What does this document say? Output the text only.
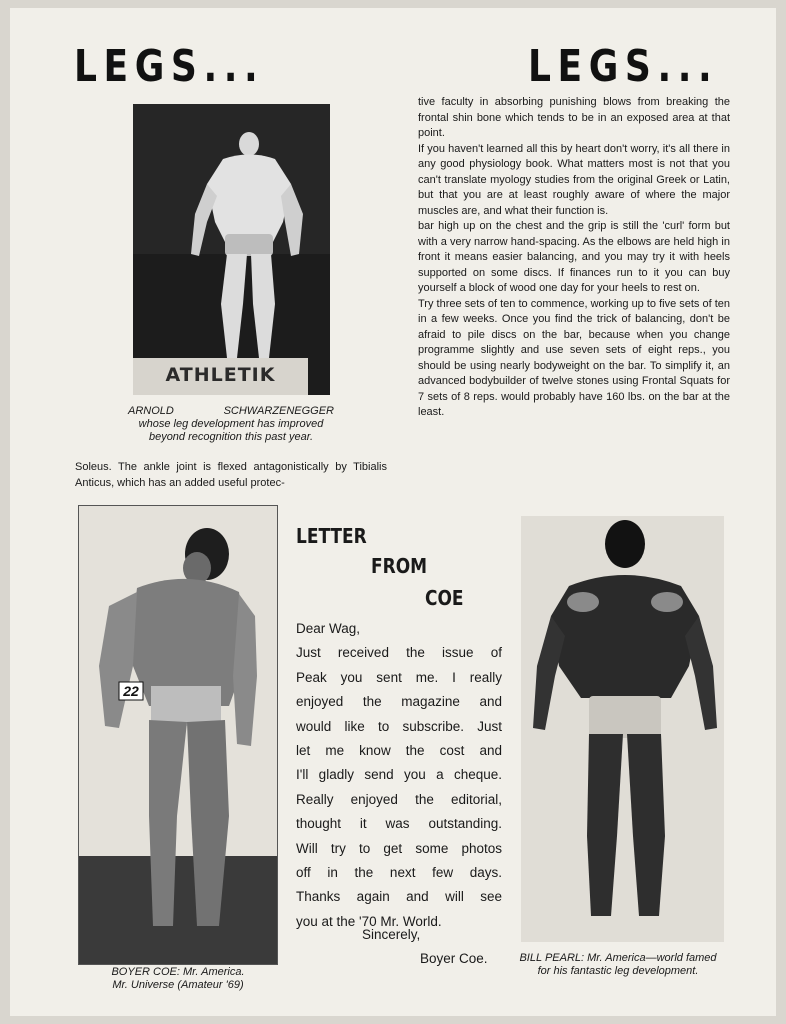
LEGS...	LEGS...
ATHLETIK
ARNOLD	SCHWARZENEGGER
whose leg development has improved beyond recognition this past year.
Soleus. The ankle joint is flexed antagonistically by Tibialis Anticus, which has an added useful protec-

tive faculty in absorbing punishing blows from breaking the frontal shin bone which tends to be in an exposed area at that point.

If you haven't learned all this by heart don't worry, it's all there in any good physiology book. What matters most is not that you can't translate myology studies from the original Greek or Latin, but that you are at least roughly aware of where the major muscles are, and what their function is.

bar high up on the chest and the grip is still the 'curl' form but with a very narrow hand-spacing. As the elbows are held high in front it means easier balancing, and you may try it with heels supported on some discs. If finances run to it you can buy yourself a block of wood one day for your heels to rest on.

Try three sets of ten to commence, working up to five sets of ten in a few weeks. Once you find the trick of balancing, don't be afraid to pile discs on the bar, because when you change programme slightly and use seven sets of eight reps., you should be using nearly bodyweight on the bar. To simplify it, an advanced bodybuilder of twelve stones using Frontal Squats for 7 sets of 8 reps. would probably have 160 lbs. on the bar at the least.

22
BOYER COE: Mr. America.
Mr. Universe (Amateur '69)
LETTER
FROM
COE
Dear Wag,
Just received the issue of
Peak you sent me. I really
enjoyed the magazine and
would like to subscribe. Just
let me know the cost and
I'll gladly send you a cheque.
Really enjoyed the editorial,
thought it was outstanding.
Will try to get some photos
off in the next few days.
Thanks again and will see
you at the '70 Mr. World.
Sincerely,
Boyer Coe.	BILL PEARL: Mr. America—world famed for his fantastic leg development.
